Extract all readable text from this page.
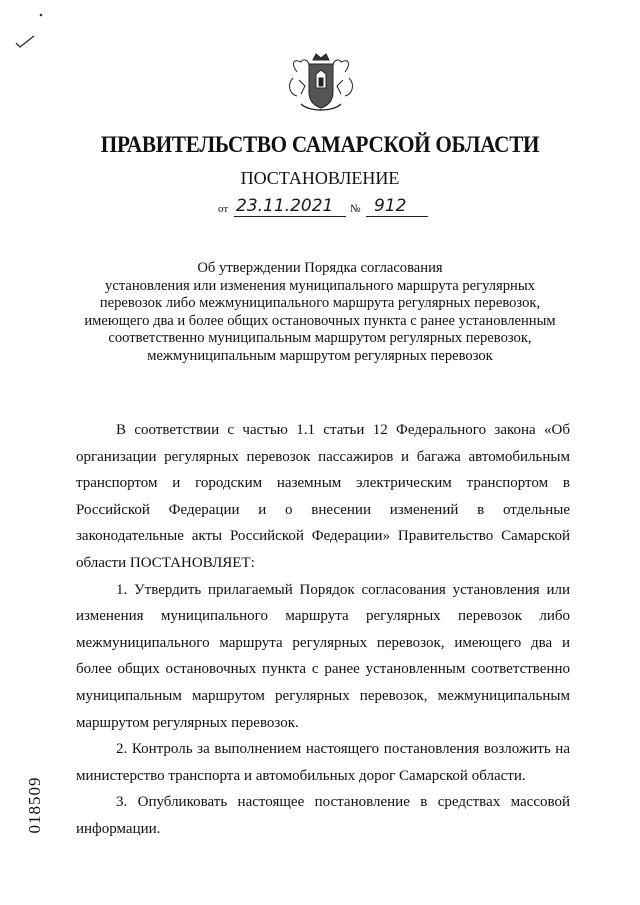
ПРАВИТЕЛЬСТВО САМАРСКОЙ ОБЛАСТИ
ПОСТАНОВЛЕНИЕ
от 23.11.2021 № 912
Об утверждении Порядка согласования
установления или изменения муниципального маршрута регулярных
перевозок либо межмуниципального маршрута регулярных перевозок,
имеющего два и более общих остановочных пункта с ранее установленным
соответственно муниципальным маршрутом регулярных перевозок,
межмуниципальным маршрутом регулярных перевозок

В соответствии с частью 1.1 статьи 12 Федерального закона «Об организации регулярных перевозок пассажиров и багажа автомобильным транспортом и городским наземным электрическим транспортом в Российской Федерации и о внесении изменений в отдельные законодательные акты Российской Федерации» Правительство Самарской области ПОСТАНОВЛЯЕТ:

1. Утвердить прилагаемый Порядок согласования установления или изменения муниципального маршрута регулярных перевозок либо межмуниципального маршрута регулярных перевозок, имеющего два и более общих остановочных пункта с ранее установленным соответственно муниципальным маршрутом регулярных перевозок, межмуниципальным маршрутом регулярных перевозок.

2. Контроль за выполнением настоящего постановления возложить на министерство транспорта и автомобильных дорог Самарской области.

3. Опубликовать настоящее постановление в средствах массовой информации.

018509
